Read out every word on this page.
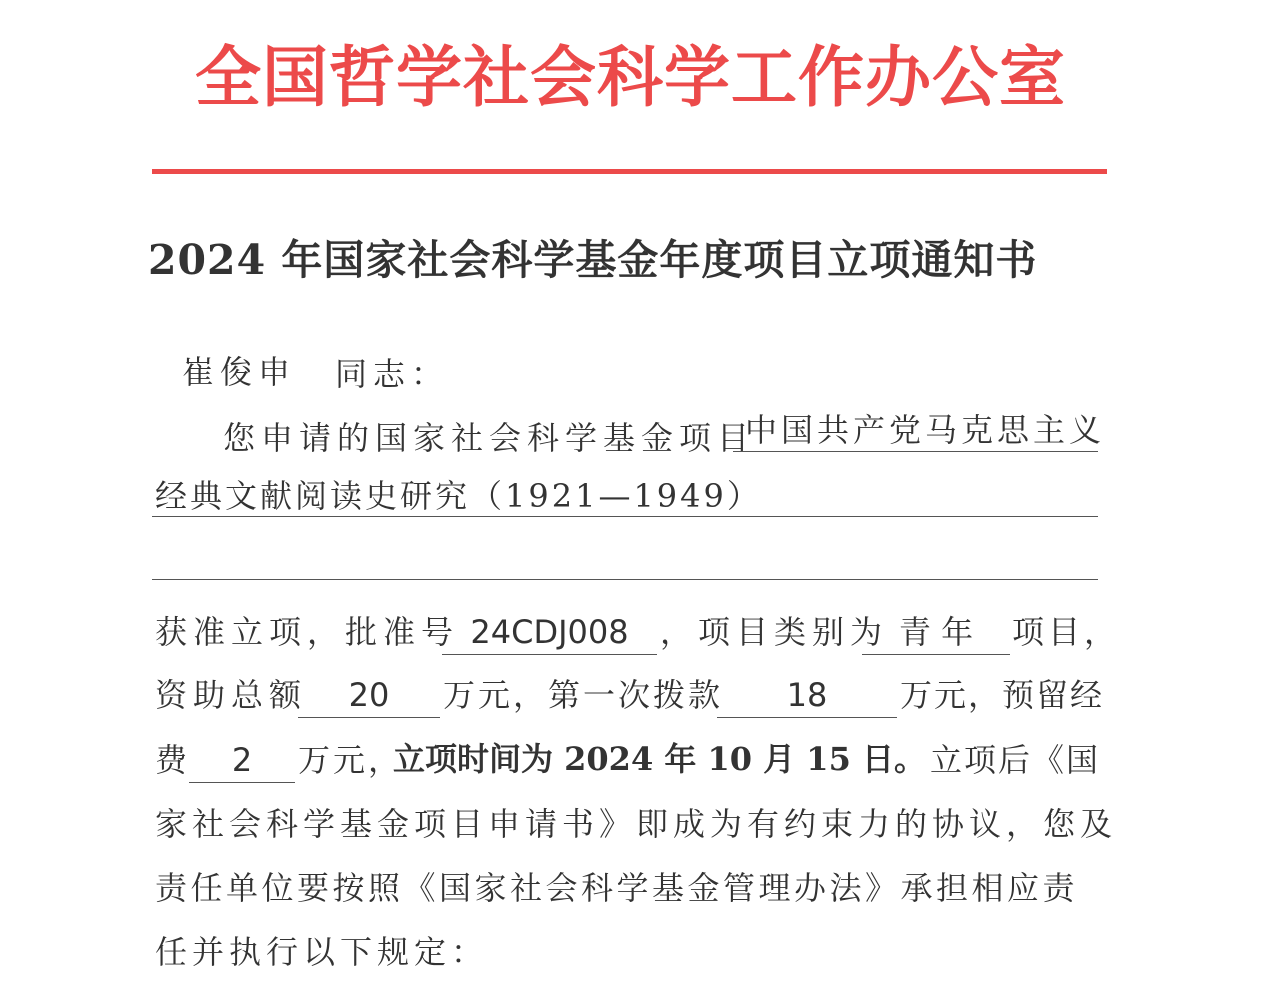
全国哲学社会科学工作办公室
2024 年国家社会科学基金年度项目立项通知书
崔俊申 同志：
您申请的国家社会科学基金项目
中国共产党马克思主义
经典文献阅读史研究（1921—1949）
获准立项，批准号 24CDJ008 ，项目类别为 青 年	项目，
资助总额	20	万元，第一次拨款	18	万元，预留经
费	2	万元，
立项时间为 2024 年 10 月 15 日。 立项后《国
家社会科学基金项目申请书》即成为有约束力的协议，您及
责任单位要按照《国家社会科学基金管理办法》承担相应责
任并执行以下规定：
